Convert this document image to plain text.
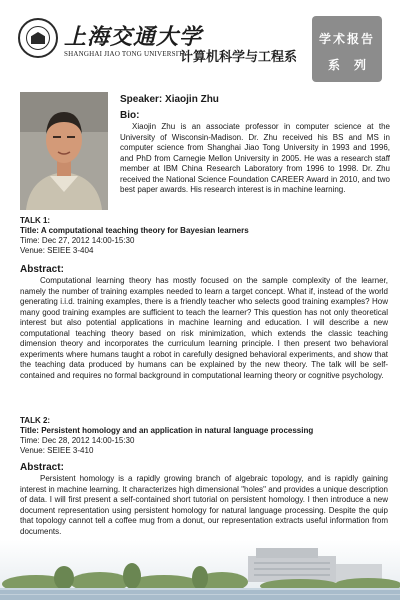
上海交通大学
SHANGHAI JIAO TONG UNIVERSITY
计算机科学与工程系
学术报告
系列
Speaker: Xiaojin Zhu
Bio:
Xiaojin Zhu is an associate professor in computer science at the University of Wisconsin-Madison. Dr. Zhu received his BS and MS in computer science from Shanghai Jiao Tong University in 1993 and 1996, and PhD from Carnegie Mellon University in 2005. He was a research staff member at IBM China Research Laboratory from 1996 to 1998. Dr. Zhu received the National Science Foundation CAREER Award in 2010, and two best paper awards. His research interest is in machine learning.
TALK 1:
Title: A computational teaching theory for Bayesian learners
Time: Dec 27, 2012 14:00-15:30
Venue: SEIEE 3-404
Abstract:
Computational learning theory has mostly focused on the sample complexity of the learner, namely the number of training examples needed to learn a target concept. What if, instead of the world generating i.i.d. training examples, there is a friendly teacher who selects good training examples? How many good training examples are sufficient to teach the learner? This question has not only theoretical interest but also potential applications in machine learning and education. I will describe a new computational teaching theory based on risk minimization, which extends the classic teaching dimension theory and incorporates the curriculum learning principle. I then present two behavioral experiments where humans taught a robot in carefully designed behavioral experiments, and show that the teaching data produced by humans can be explained by the new theory. The talk will be self-contained and requires no formal background in computational learning theory or cognitive psychology.
TALK 2:
Title: Persistent homology and an application in natural language processing
Time: Dec 28, 2012 14:00-15:30
Venue: SEIEE 3-410
Abstract:
Persistent homology is a rapidly growing branch of algebraic topology, and is rapidly gaining interest in machine learning. It characterizes high dimensional "holes" and provides a unique description of data. I will first present a self-contained short tutorial on persistent homology. I then introduce a new document representation using persistent homology for natural language processing. Despite the quip that topology cannot tell a coffee mug from a donut, our representation extracts useful information from documents.
